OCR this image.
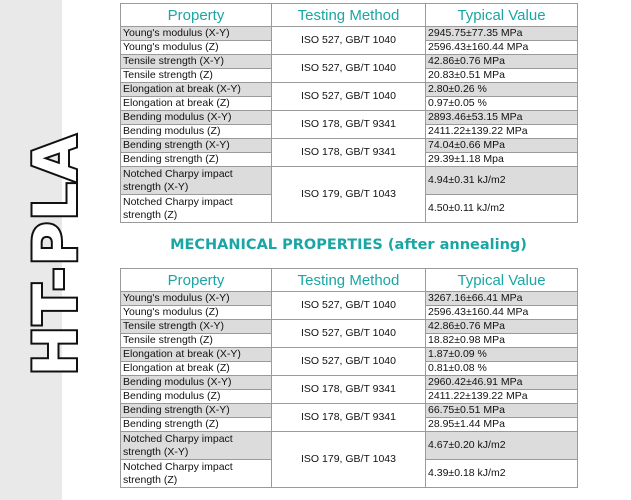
HT-PLA
Property	Testing Method	Typical Value
Young's modulus (X-Y)	ISO 527, GB/T 1040	2945.75±77.35 MPa
Young's modulus (Z)		2596.43±160.44 MPa
Tensile strength (X-Y)	ISO 527, GB/T 1040	42.86±0.76 MPa
Tensile strength (Z)		20.83±0.51 MPa
Elongation at break (X-Y)	ISO 527, GB/T 1040	2.80±0.26 %
Elongation at break (Z)		0.97±0.05 %
Bending modulus (X-Y)	ISO 178, GB/T 9341	2893.46±53.15 MPa
Bending modulus (Z)		2411.22±139.22 MPa
Bending strength (X-Y)	ISO 178, GB/T 9341	74.04±0.66 MPa
Bending strength (Z)		29.39±1.18 Mpa
Notched Charpy impact strength (X-Y)	ISO 179, GB/T 1043	4.94±0.31 kJ/m2
Notched Charpy impact strength (Z)		4.50±0.11 kJ/m2
MECHANICAL PROPERTIES (after annealing)
Property	Testing Method	Typical Value
Young's modulus (X-Y)	ISO 527, GB/T 1040	3267.16±66.41 MPa
Young's modulus (Z)		2596.43±160.44 MPa
Tensile strength (X-Y)	ISO 527, GB/T 1040	42.86±0.76 MPa
Tensile strength (Z)		18.82±0.98 MPa
Elongation at break (X-Y)	ISO 527, GB/T 1040	1.87±0.09 %
Elongation at break (Z)		0.81±0.08 %
Bending modulus (X-Y)	ISO 178, GB/T 9341	2960.42±46.91 MPa
Bending modulus (Z)		2411.22±139.22 MPa
Bending strength (X-Y)	ISO 178, GB/T 9341	66.75±0.51 MPa
Bending strength (Z)		28.95±1.44 MPa
Notched Charpy impact strength (X-Y)	ISO 179, GB/T 1043	4.67±0.20 kJ/m2
Notched Charpy impact strength (Z)		4.39±0.18 kJ/m2
